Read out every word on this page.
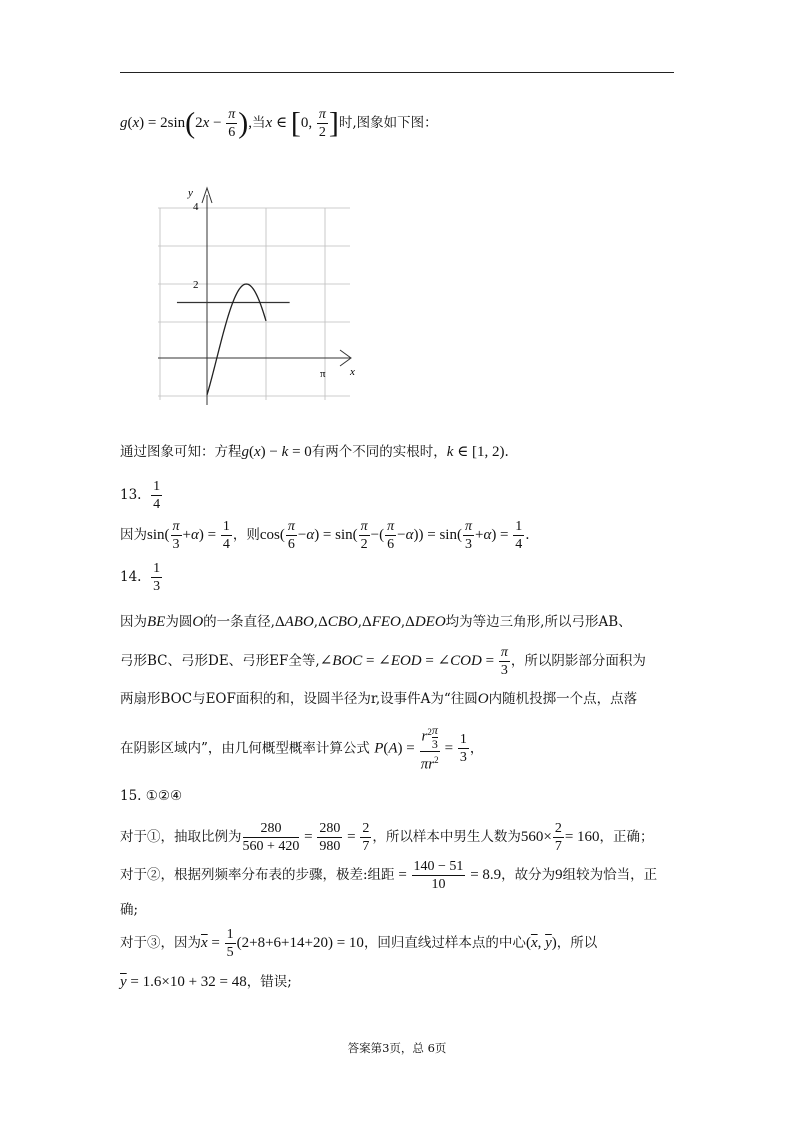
$g(x) = 2\sin(2x - \frac{\pi}{6}$ ),当x ∈ [0, $\frac{\pi}{2}$ ]时,图象如下图：
y
x
4
2
π
通过图象可知：方程g(x) − k = 0有两个不同的实根时，k ∈ [1, 2).
13. $\frac{1}{4}$
因为$\sin( \frac{\pi}{3} +\alpha) = \frac{1}{4}$ ，则$\cos( \frac{\pi}{6} -\alpha) = \sin( \frac{\pi}{2}$ −( $\frac{\pi}{6} -\alpha)) = \sin( \frac{\pi}{3} +\alpha) = \frac{1}{4}$ .
14. $\frac{1}{3}$
因为BE为圆O的一条直径,ΔABO,ΔCBO,ΔFEO,ΔDEO均为等边三角形,所以弓形AB、
弓形BC、弓形DE、弓形EF全等,∠BOC = ∠EOD = ∠COD = $\frac{\pi}{3}$ ，所以阴影部分面积为
两扇形BOC与EOF面积的和，设圆半径为r,设事件A为“往圆O内随机投掷一个点，点落
在阴影区域内”，由几何概型概率计算公式 $P(A) = \frac{r^2 \frac{\pi}{3}}{\pi r^2} = \frac{1}{3}$ ，
15. ①②④
对于①，抽取比例为 $\frac{280}{560 + 420} = \frac{280}{980} = \frac{2}{7}$ ，所以样本中男生人数为$560\times \frac{2}{7} = 160$，正确；
对于②，根据列频率分布表的步骤，极差:组距 = $\frac{140 - 51}{10} = 8.9$，故分为9组较为恰当，正
确;
对于③，因为$\overline{x} = \frac{1}{5} (2+8+6+14+20) = 10$，回归直线过样本点的中心($\overline{x}$, $\overline{y}$)，所以
$\overline{y} = 1.6\times 10 + 32 = 48$，错误;
答案第3页，总 6页
